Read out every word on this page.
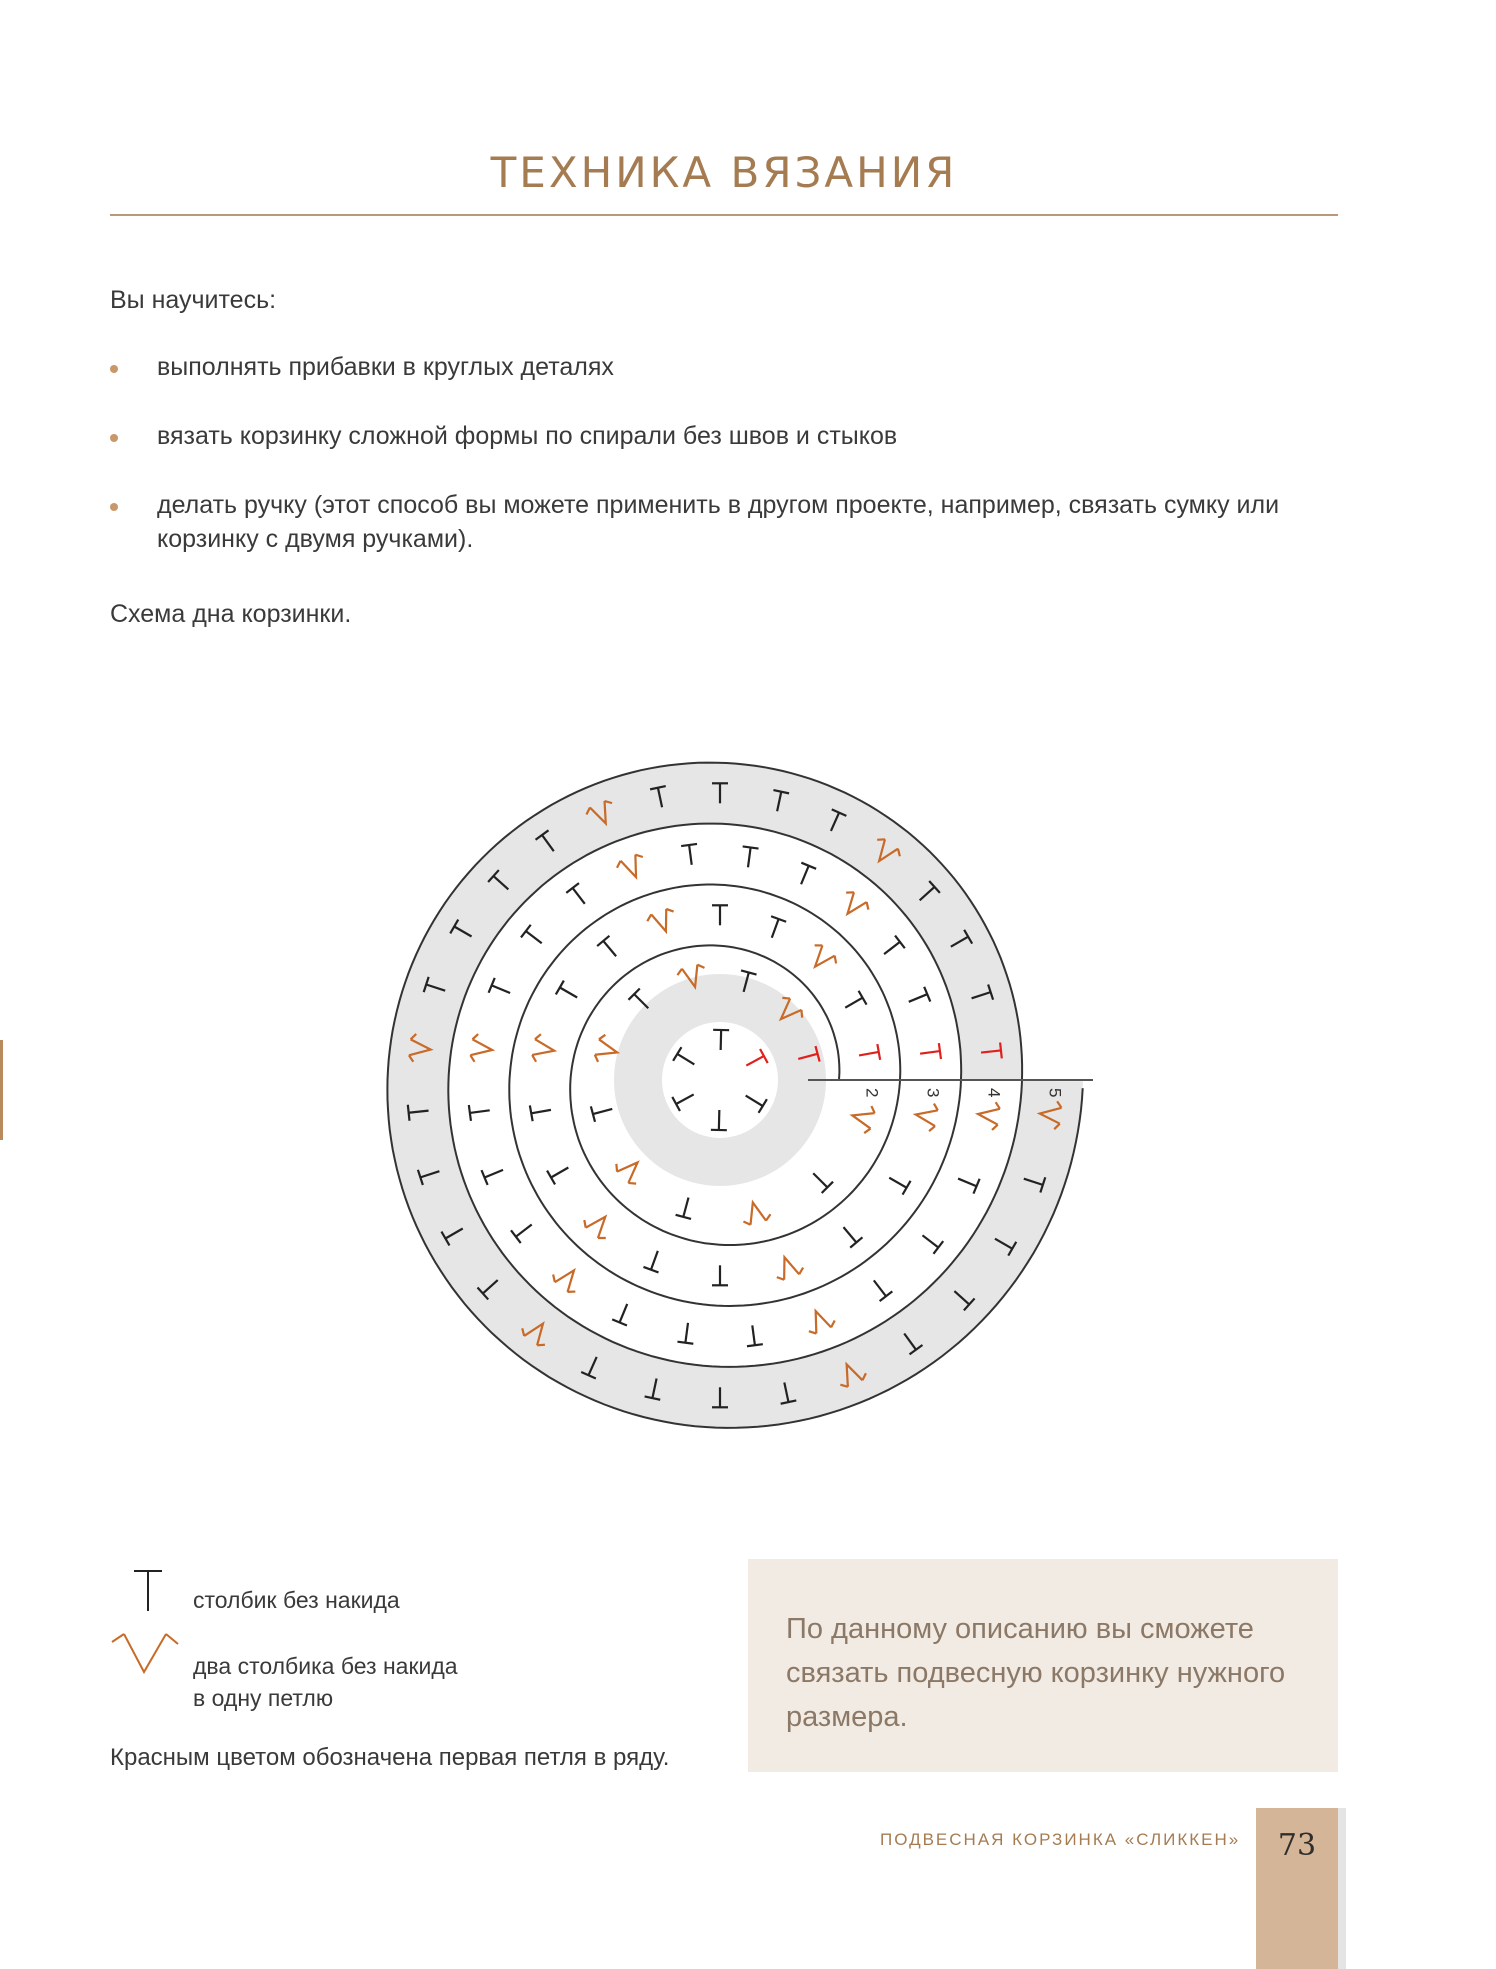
ТЕХНИКА ВЯЗАНИЯ
Вы научитесь:
выполнять прибавки в круглых деталях
вязать корзинку сложной формы по спирали без швов и стыков
делать ручку (этот способ вы можете применить в другом проекте, например, связать сумку или корзинку с двумя ручками).
Схема дна корзинки.
2 3 4 5
столбик без накида
два столбика без накида
в одну петлю
Красным цветом обозначена первая петля в ряду.
По данному описанию вы сможете связать подвесную корзинку нужного размера.
ПОДВЕСНАЯ КОРЗИНКА «СЛИККЕН»	73
